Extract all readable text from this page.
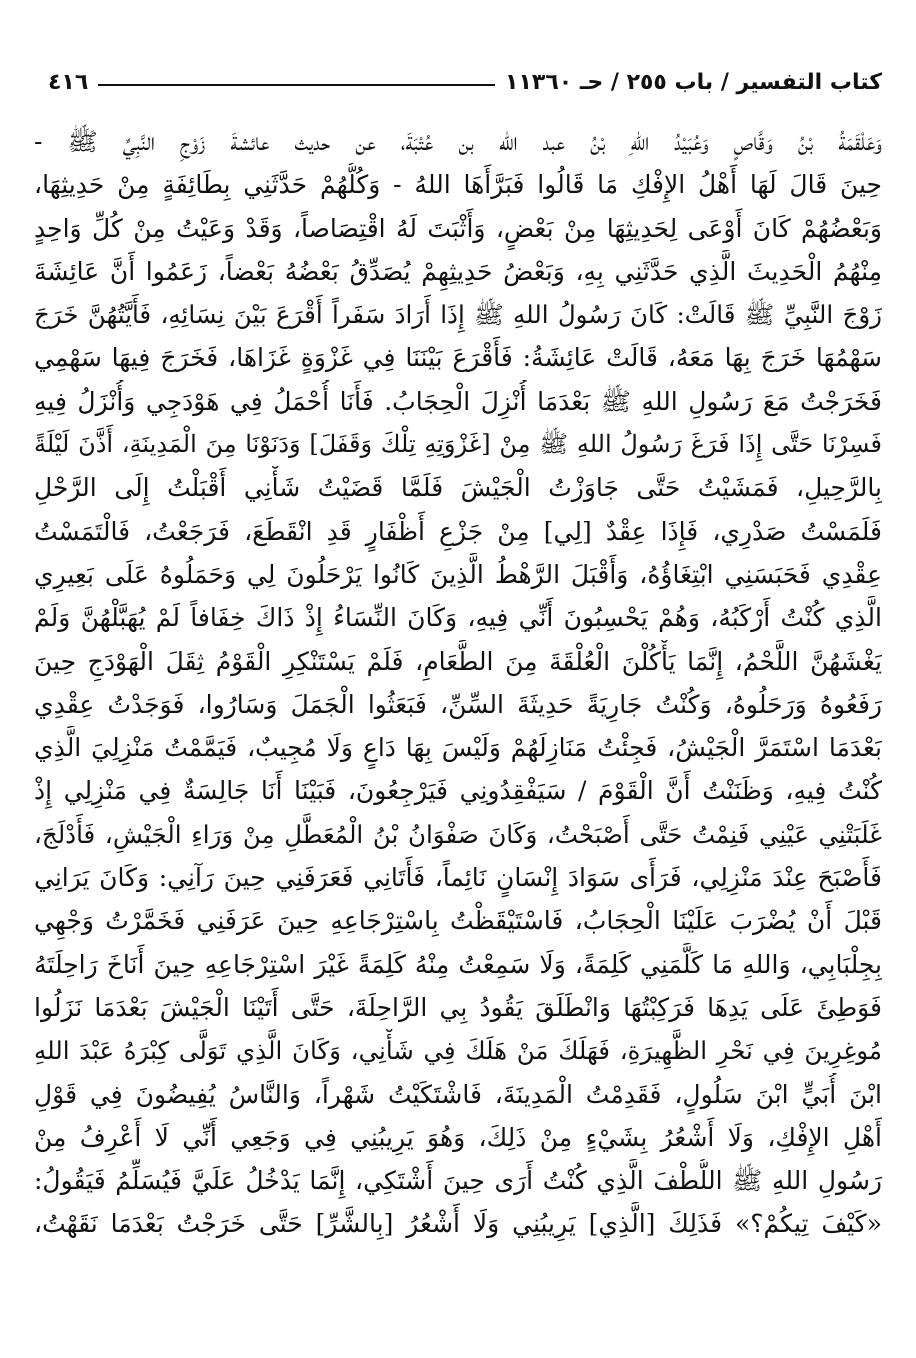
كتاب التفسير / باب ٢٥٥ / حـ ١١٣٦٠
٤١٦
وَعَلْقَمَةُ بْنُ وَقَّاصٍ وَعُبَيْدُ اللهِ بْنُ عبد الله بن عُتْبَةَ، عن حديث عائشةَ زَوْجِ النَّبِيِّ ﷺ -
حِينَ قَالَ لَهَا أَهْلُ الإِفْكِ مَا قَالُوا فَبَرَّأَهَا اللهُ - وَكُلُّهُمْ حَدَّثَنِي بِطَائِفَةٍ مِنْ حَدِيثِهَا،
وَبَعْضُهُمْ كَانَ أَوْعَى لِحَدِيثِهَا مِنْ بَعْضٍ، وَأَثْبَتَ لَهُ اقْتِصَاصاً، وَقَدْ وَعَيْتُ مِنْ كُلِّ وَاحِدٍ
مِنْهُمُ الْحَدِيثَ الَّذِي حَدَّثَنِي بِهِ، وَبَعْضُ حَدِيثِهِمْ يُصَدِّقُ بَعْضُهُ بَعْضاً، زَعَمُوا أَنَّ عَائِشَةَ
زَوْجَ النَّبِيِّ ﷺ قَالَتْ: كَانَ رَسُولُ اللهِ ﷺ إِذَا أَرَادَ سَفَراً أَقْرَعَ بَيْنَ نِسَائِهِ، فَأَيَّتُهُنَّ خَرَجَ
سَهْمُهَا خَرَجَ بِهَا مَعَهُ، قَالَتْ عَائِشَةُ: فَأَقْرَعَ بَيْنَنَا فِي غَزْوَةٍ غَزَاهَا، فَخَرَجَ فِيهَا سَهْمِي
فَخَرَجْتُ مَعَ رَسُولِ اللهِ ﷺ بَعْدَمَا أُنْزِلَ الْحِجَابُ. فَأَنَا أُحْمَلُ فِي هَوْدَجِي وَأُنْزَلُ فِيهِ
فَسِرْنَا حَتَّى إِذَا فَرَغَ رَسُولُ اللهِ ﷺ مِنْ [غَزْوَتِهِ تِلْكَ وَقَفَلَ] وَدَنَوْنَا مِنَ الْمَدِينَةِ، أَذَّنَ لَيْلَةً
بِالرَّحِيلِ، فَمَشَيْتُ حَتَّى جَاوَزْتُ الْجَيْشَ فَلَمَّا قَضَيْتُ شَأْنِي أَقْبَلْتُ إِلَى الرَّحْلِ
فَلَمَسْتُ صَدْرِي، فَإِذَا عِقْدٌ [لِي] مِنْ جَزْعِ أَظْفَارٍ قَدِ انْقَطَعَ، فَرَجَعْتُ، فَالْتَمَسْتُ
عِقْدِي فَحَبَسَنِي ابْتِغَاؤُهُ، وَأَقْبَلَ الرَّهْطُ الَّذِينَ كَانُوا يَرْحَلُونَ لِي وَحَمَلُوهُ عَلَى بَعِيرِي
الَّذِي كُنْتُ أَرْكَبُهُ، وَهُمْ يَحْسِبُونَ أَنِّي فِيهِ، وَكَانَ النِّسَاءُ إِذْ ذَاكَ خِفَافاً لَمْ يُهَبَّلْهُنَّ وَلَمْ
يَغْشَهُنَّ اللَّحْمُ، إِنَّمَا يَأْكُلْنَ الْعُلْقَةَ مِنَ الطَّعَامِ، فَلَمْ يَسْتَنْكِرِ الْقَوْمُ ثِقَلَ الْهَوْدَجِ حِينَ
رَفَعُوهُ وَرَحَلُوهُ، وَكُنْتُ جَارِيَةً حَدِيثَةَ السِّنِّ، فَبَعَثُوا الْجَمَلَ وَسَارُوا، فَوَجَدْتُ عِقْدِي
بَعْدَمَا اسْتَمَرَّ الْجَيْشُ، فَجِئْتُ مَنَازِلَهُمْ وَلَيْسَ بِهَا دَاعٍ وَلَا مُجِيبٌ، فَيَمَّمْتُ مَنْزِلِيَ الَّذِي
كُنْتُ فِيهِ، وَظَنَنْتُ أَنَّ الْقَوْمَ / سَيَفْقِدُونِي فَيَرْجِعُونَ، فَبَيْنَا أَنَا جَالِسَةٌ فِي مَنْزِلِي إِذْ
غَلَبَتْنِي عَيْنِي فَنِمْتُ حَتَّى أَصْبَحْتُ، وَكَانَ صَفْوَانُ بْنُ الْمُعَطَّلِ مِنْ وَرَاءِ الْجَيْشِ، فَأَدْلَجَ،
فَأَصْبَحَ عِنْدَ مَنْزِلِي، فَرَأَى سَوَادَ إِنْسَانٍ نَائِماً، فَأَتَانِي فَعَرَفَنِي حِينَ رَآنِي: وَكَانَ يَرَانِي
قَبْلَ أَنْ يُضْرَبَ عَلَيْنَا الْحِجَابُ، فَاسْتَيْقَظْتُ بِاسْتِرْجَاعِهِ حِينَ عَرَفَنِي فَخَمَّرْتُ وَجْهِي
بِجِلْبَابِي، وَاللهِ مَا كَلَّمَنِي كَلِمَةً، وَلَا سَمِعْتُ مِنْهُ كَلِمَةً غَيْرَ اسْتِرْجَاعِهِ حِينَ أَنَاخَ رَاحِلَتَهُ
فَوَطِئَ عَلَى يَدِهَا فَرَكِبْتُهَا وَانْطَلَقَ يَقُودُ بِي الرَّاحِلَةَ، حَتَّى أَتَيْنَا الْجَيْشَ بَعْدَمَا نَزَلُوا
مُوغِرِينَ فِي نَحْرِ الظَّهِيرَةِ، فَهَلَكَ مَنْ هَلَكَ فِي شَأْنِي، وَكَانَ الَّذِي تَوَلَّى كِبْرَهُ عَبْدَ اللهِ
ابْنَ أُبَيٍّ ابْنَ سَلُولٍ، فَقَدِمْتُ الْمَدِينَةَ، فَاشْتَكَيْتُ شَهْراً، وَالنَّاسُ يُفِيضُونَ فِي قَوْلِ
أَهْلِ الإِفْكِ، وَلَا أَشْعُرُ بِشَيْءٍ مِنْ ذَلِكَ، وَهُوَ يَرِيبُنِي فِي وَجَعِي أَنِّي لَا أَعْرِفُ مِنْ
رَسُولِ اللهِ ﷺ اللُّطْفَ الَّذِي كُنْتُ أَرَى حِينَ أَشْتَكِي، إِنَّمَا يَدْخُلُ عَلَيَّ فَيُسَلِّمُ فَيَقُولُ:
«كَيْفَ تِيكُمْ؟» فَذَلِكَ [الَّذِي] يَرِيبُنِي وَلَا أَشْعُرُ [بِالشَّرِّ] حَتَّى خَرَجْتُ بَعْدَمَا نَقَهْتُ،
